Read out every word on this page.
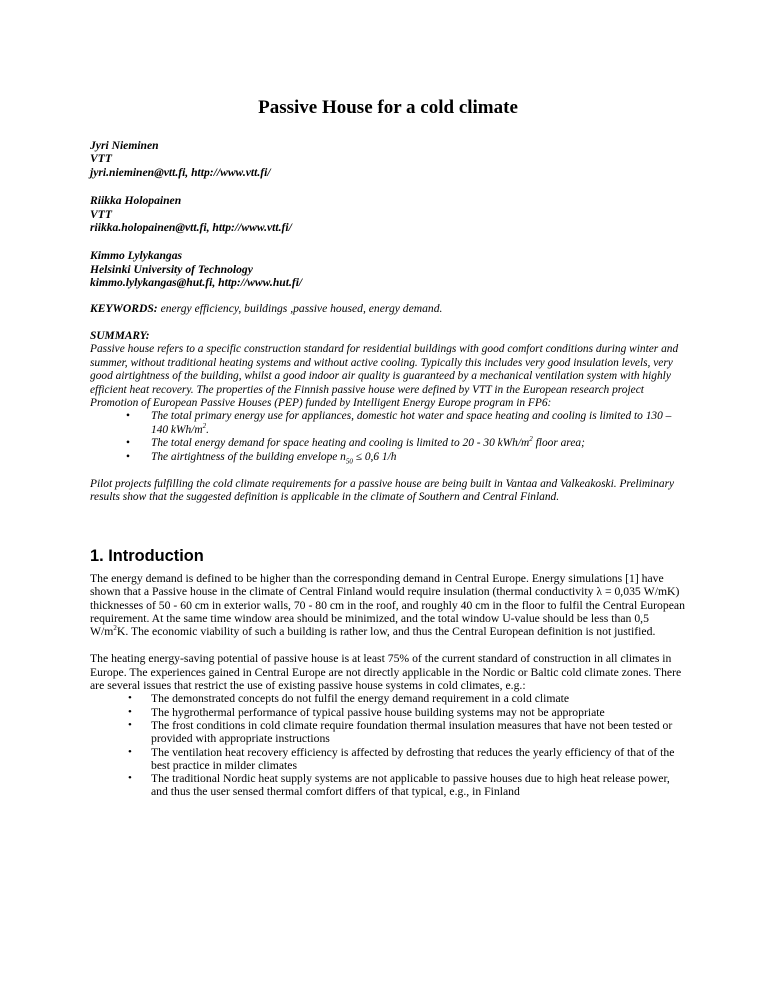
Passive House for a cold climate
Jyri Nieminen
VTT
jyri.nieminen@vtt.fi, http://www.vtt.fi/
Riikka Holopainen
VTT
riikka.holopainen@vtt.fi, http://www.vtt.fi/
Kimmo Lylykangas
Helsinki University of Technology
kimmo.lylykangas@hut.fi, http://www.hut.fi/

KEYWORDS: energy efficiency, buildings ,passive housed, energy demand.

SUMMARY:

Passive house refers to a specific construction standard for residential buildings with good comfort conditions during winter and summer, without traditional heating systems and without active cooling. Typically this includes very good insulation levels, very good airtightness of the building, whilst a good indoor air quality is guaranteed by a mechanical ventilation system with highly efficient heat recovery. The properties of the Finnish passive house were defined by VTT in the European research project Promotion of European Passive Houses (PEP) funded by Intelligent Energy Europe program in FP6:

• The total primary energy use for appliances, domestic hot water and space heating and cooling is limited to 130 – 140 kWh/$m^2$.
• The total energy demand for space heating and cooling is limited to 20 - 30 kWh/$m^2$ floor area;
• The airtightness of the building envelope $n_{50} \le 0,6$ 1/h

Pilot projects fulfilling the cold climate requirements for a passive house are being built in Vantaa and Valkeakoski. Preliminary results show that the suggested definition is applicable in the climate of Southern and Central Finland.

1. Introduction

The energy demand is defined to be higher than the corresponding demand in Central Europe. Energy simulations [1] have shown that a Passive house in the climate of Central Finland would require insulation (thermal conductivity λ = 0,035 W/mK) thicknesses of 50 - 60 cm in exterior walls, 70 - 80 cm in the roof, and roughly 40 cm in the floor to fulfil the Central European requirement. At the same time window area should be minimized, and the total window U-value should be less than 0,5 $W/m^2K$. The economic viability of such a building is rather low, and thus the Central European definition is not justified.

The heating energy-saving potential of passive house is at least 75% of the current standard of construction in all climates in Europe. The experiences gained in Central Europe are not directly applicable in the Nordic or Baltic cold climate zones. There are several issues that restrict the use of existing passive house systems in cold climates, e.g.:

• The demonstrated concepts do not fulfil the energy demand requirement in a cold climate
• The hygrothermal performance of typical passive house building systems may not be appropriate
• The frost conditions in cold climate require foundation thermal insulation measures that have not been tested or provided with appropriate instructions
• The ventilation heat recovery efficiency is affected by defrosting that reduces the yearly efficiency of that of the best practice in milder climates
• The traditional Nordic heat supply systems are not applicable to passive houses due to high heat release power, and thus the user sensed thermal comfort differs of that typical, e.g., in Finland
